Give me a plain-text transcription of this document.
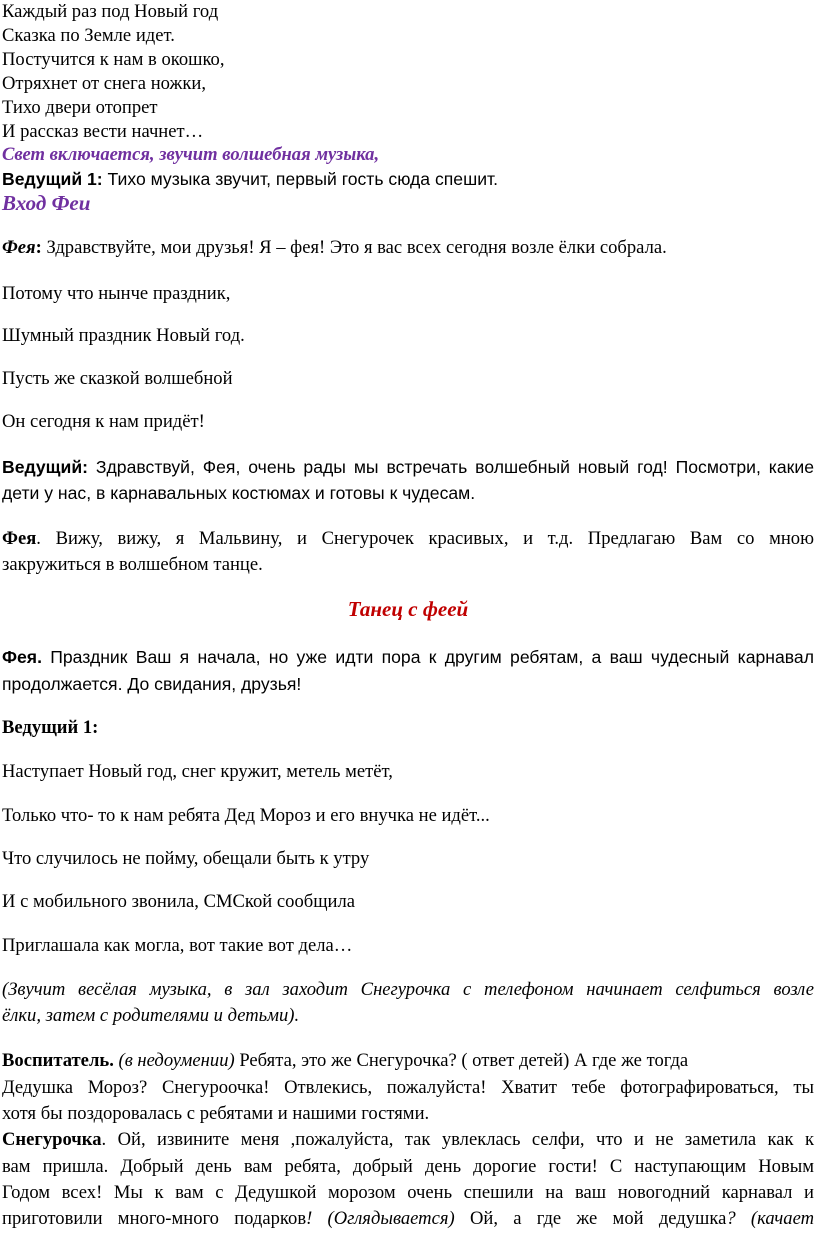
Каждый раз под Новый год
Сказка по Земле идет.
Постучится к нам в окошко,
Отряхнет от снега ножки,
Тихо двери отопрет
И рассказ вести начнет…
Свет включается, звучит волшебная музыка,
Ведущий 1: Тихо музыка звучит, первый гость сюда спешит.
Вход Феи
Фея: Здравствуйте, мои друзья! Я – фея! Это я вас всех сегодня возле ёлки собрала.
Потому что нынче праздник,
Шумный праздник Новый год.
Пусть же сказкой волшебной
Он сегодня к нам придёт!
Ведущий: Здравствуй, Фея, очень рады мы встречать волшебный новый год! Посмотри, какие
дети у нас, в карнавальных костюмах и готовы к чудесам.
Фея. Вижу, вижу, я Мальвину, и Снегурочек красивых, и т.д. Предлагаю Вам со мною
закружиться в волшебном танце.
Танец с феей
Фея. Праздник Ваш я начала, но уже идти пора к другим ребятам, а ваш чудесный карнавал
продолжается. До свидания, друзья!
Ведущий 1:
Наступает Новый год, снег кружит, метель метёт,
Только что- то к нам ребята Дед Мороз и его внучка не идёт...
Что случилось не пойму, обещали быть к утру
И с мобильного звонила, СМСкой сообщила
Приглашала как могла, вот такие вот дела…
(Звучит весёлая музыка, в зал заходит Снегурочка с телефоном начинает селфиться возле
ёлки, затем с родителями и детьми).
Воспитатель. (в недоумении) Ребята, это же Снегурочка? ( ответ детей) А где же тогда
Дедушка Мороз? Снегуроочка! Отвлекись, пожалуйста! Хватит тебе фотографироваться, ты
хотя бы поздоровалась с ребятами и нашими гостями.
Снегурочка. Ой, извините меня ,пожалуйста, так увлеклась селфи, что и не заметила как к
вам пришла. Добрый день вам ребята, добрый день дорогие гости! С наступающим Новым
Годом всех! Мы к вам с Дедушкой морозом очень спешили на ваш новогодний карнавал и
приготовили много-много подарков! (Оглядывается) Ой, а где же мой дедушка? (качает
